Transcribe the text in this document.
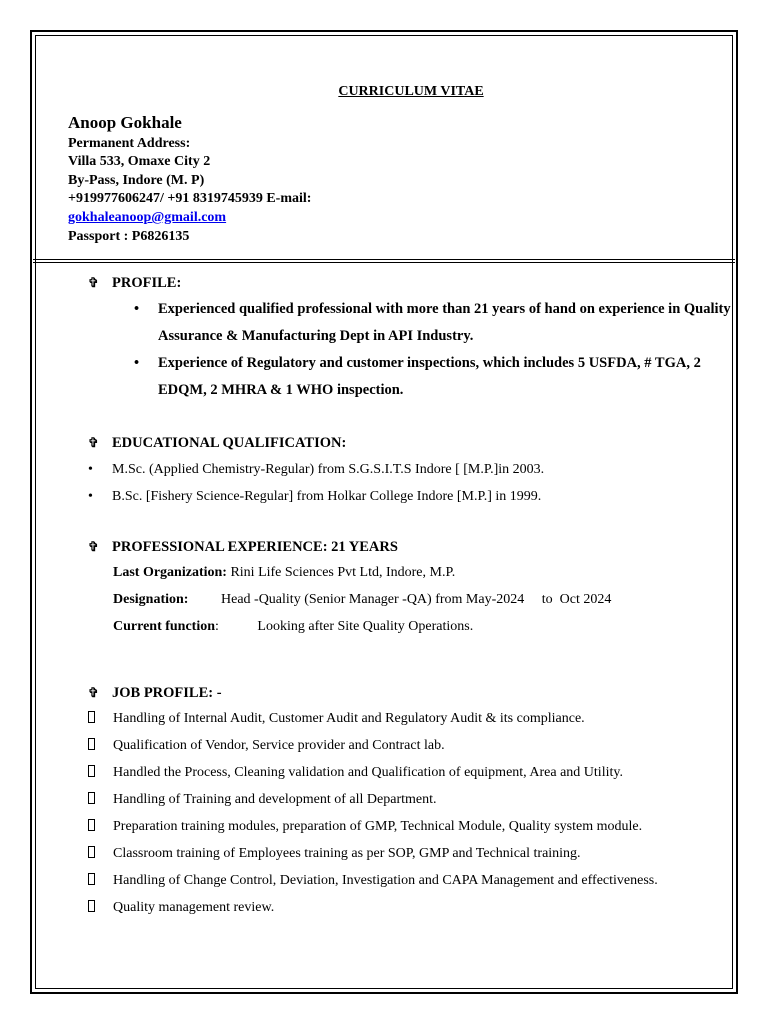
CURRICULUM VITAE
Anoop Gokhale
Permanent Address:
Villa 533, Omaxe City 2
By-Pass, Indore (M. P)
+919977606247/ +91 8319745939 E-mail:
gokhaleanoop@gmail.com
Passport : P6826135
✞ PROFILE:
•	Experienced qualified professional with more than 21 years of hand on experience in Quality Assurance & Manufacturing Dept in API Industry.
•	Experience of Regulatory and customer inspections, which includes 5 USFDA, # TGA, 2 EDQM, 2 MHRA & 1 WHO inspection.
✞ EDUCATIONAL QUALIFICATION:
• M.Sc. (Applied Chemistry-Regular) from S.G.S.I.T.S Indore [ [M.P.]in 2003.
• B.Sc. [Fishery Science-Regular] from Holkar College Indore [M.P.] in 1999.
✞ PROFESSIONAL EXPERIENCE: 21 YEARS
Last Organization: Rini Life Sciences Pvt Ltd, Indore, M.P.
Designation: Head -Quality (Senior Manager -QA) from May-2024     to  Oct 2024
Current function:           Looking after Site Quality Operations.
✞ JOB PROFILE: -
Handling of Internal Audit, Customer Audit and Regulatory Audit & its compliance.
Qualification of Vendor, Service provider and Contract lab.
Handled the Process, Cleaning validation and Qualification of equipment, Area and Utility.
Handling of Training and development of all Department.
Preparation training modules, preparation of GMP, Technical Module, Quality system module.
Classroom training of Employees training as per SOP, GMP and Technical training.
Handling of Change Control, Deviation, Investigation and CAPA Management and effectiveness.
Quality management review.
